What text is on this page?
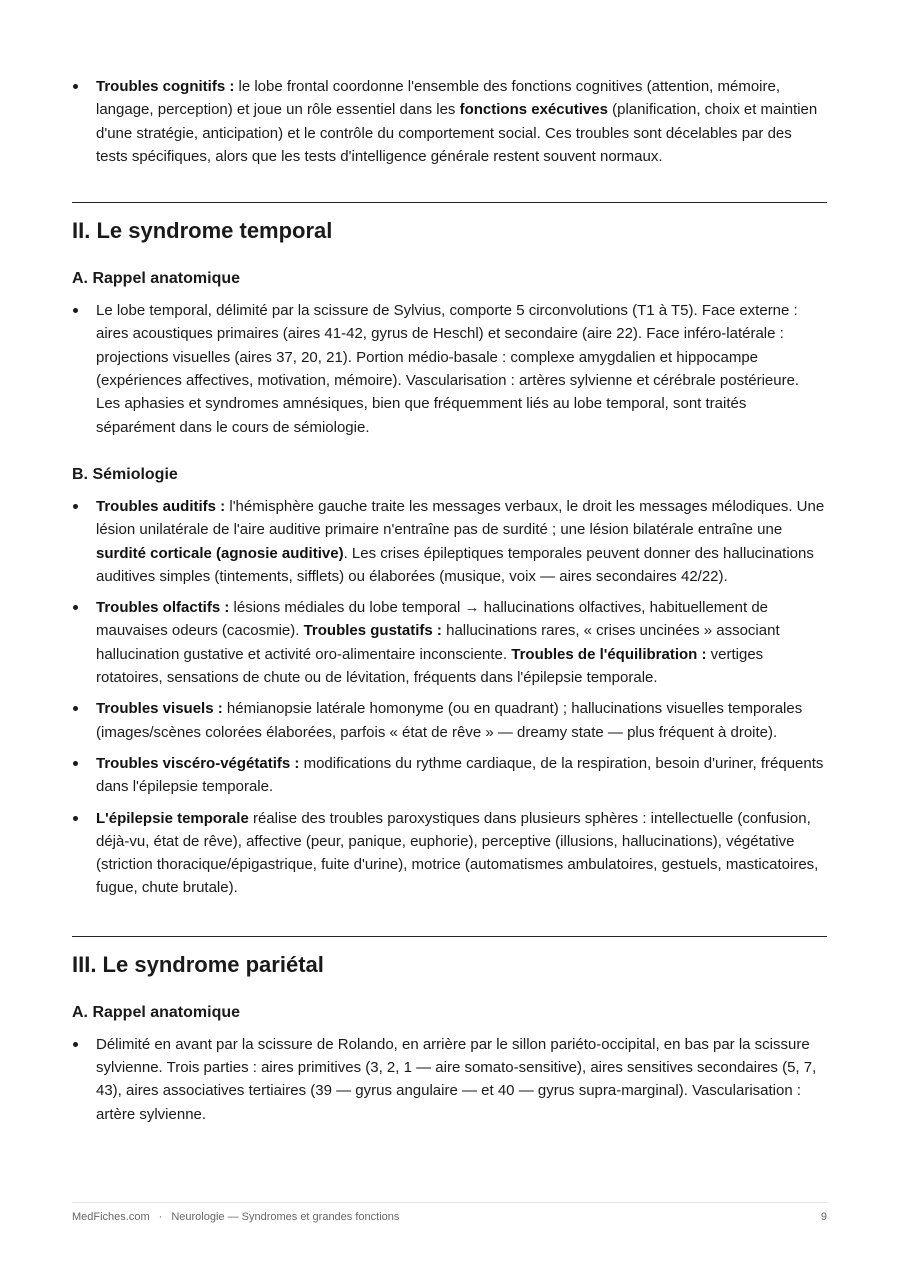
Troubles cognitifs : le lobe frontal coordonne l'ensemble des fonctions cognitives (attention, mémoire, langage, perception) et joue un rôle essentiel dans les fonctions exécutives (planification, choix et maintien d'une stratégie, anticipation) et le contrôle du comportement social. Ces troubles sont décelables par des tests spécifiques, alors que les tests d'intelligence générale restent souvent normaux.
II. Le syndrome temporal
A. Rappel anatomique
Le lobe temporal, délimité par la scissure de Sylvius, comporte 5 circonvolutions (T1 à T5). Face externe : aires acoustiques primaires (aires 41-42, gyrus de Heschl) et secondaire (aire 22). Face inféro-latérale : projections visuelles (aires 37, 20, 21). Portion médio-basale : complexe amygdalien et hippocampe (expériences affectives, motivation, mémoire). Vascularisation : artères sylvienne et cérébrale postérieure. Les aphasies et syndromes amnésiques, bien que fréquemment liés au lobe temporal, sont traités séparément dans le cours de sémiologie.
B. Sémiologie
Troubles auditifs : l'hémisphère gauche traite les messages verbaux, le droit les messages mélodiques. Une lésion unilatérale de l'aire auditive primaire n'entraîne pas de surdité ; une lésion bilatérale entraîne une surdité corticale (agnosie auditive). Les crises épileptiques temporales peuvent donner des hallucinations auditives simples (tintements, sifflets) ou élaborées (musique, voix — aires secondaires 42/22).
Troubles olfactifs : lésions médiales du lobe temporal → hallucinations olfactives, habituellement de mauvaises odeurs (cacosmie). Troubles gustatifs : hallucinations rares, « crises uncinées » associant hallucination gustative et activité oro-alimentaire inconsciente. Troubles de l'équilibration : vertiges rotatoires, sensations de chute ou de lévitation, fréquents dans l'épilepsie temporale.
Troubles visuels : hémianopsie latérale homonyme (ou en quadrant) ; hallucinations visuelles temporales (images/scènes colorées élaborées, parfois « état de rêve » — dreamy state — plus fréquent à droite).
Troubles viscéro-végétatifs : modifications du rythme cardiaque, de la respiration, besoin d'uriner, fréquents dans l'épilepsie temporale.
L'épilepsie temporale réalise des troubles paroxystiques dans plusieurs sphères : intellectuelle (confusion, déjà-vu, état de rêve), affective (peur, panique, euphorie), perceptive (illusions, hallucinations), végétative (striction thoracique/épigastrique, fuite d'urine), motrice (automatismes ambulatoires, gestuels, masticatoires, fugue, chute brutale).
III. Le syndrome pariétal
A. Rappel anatomique
Délimité en avant par la scissure de Rolando, en arrière par le sillon pariéto-occipital, en bas par la scissure sylvienne. Trois parties : aires primitives (3, 2, 1 — aire somato-sensitive), aires sensitives secondaires (5, 7, 43), aires associatives tertiaires (39 — gyrus angulaire — et 40 — gyrus supra-marginal). Vascularisation : artère sylvienne.
MedFiches.com · Neurologie — Syndromes et grandes fonctions	9
